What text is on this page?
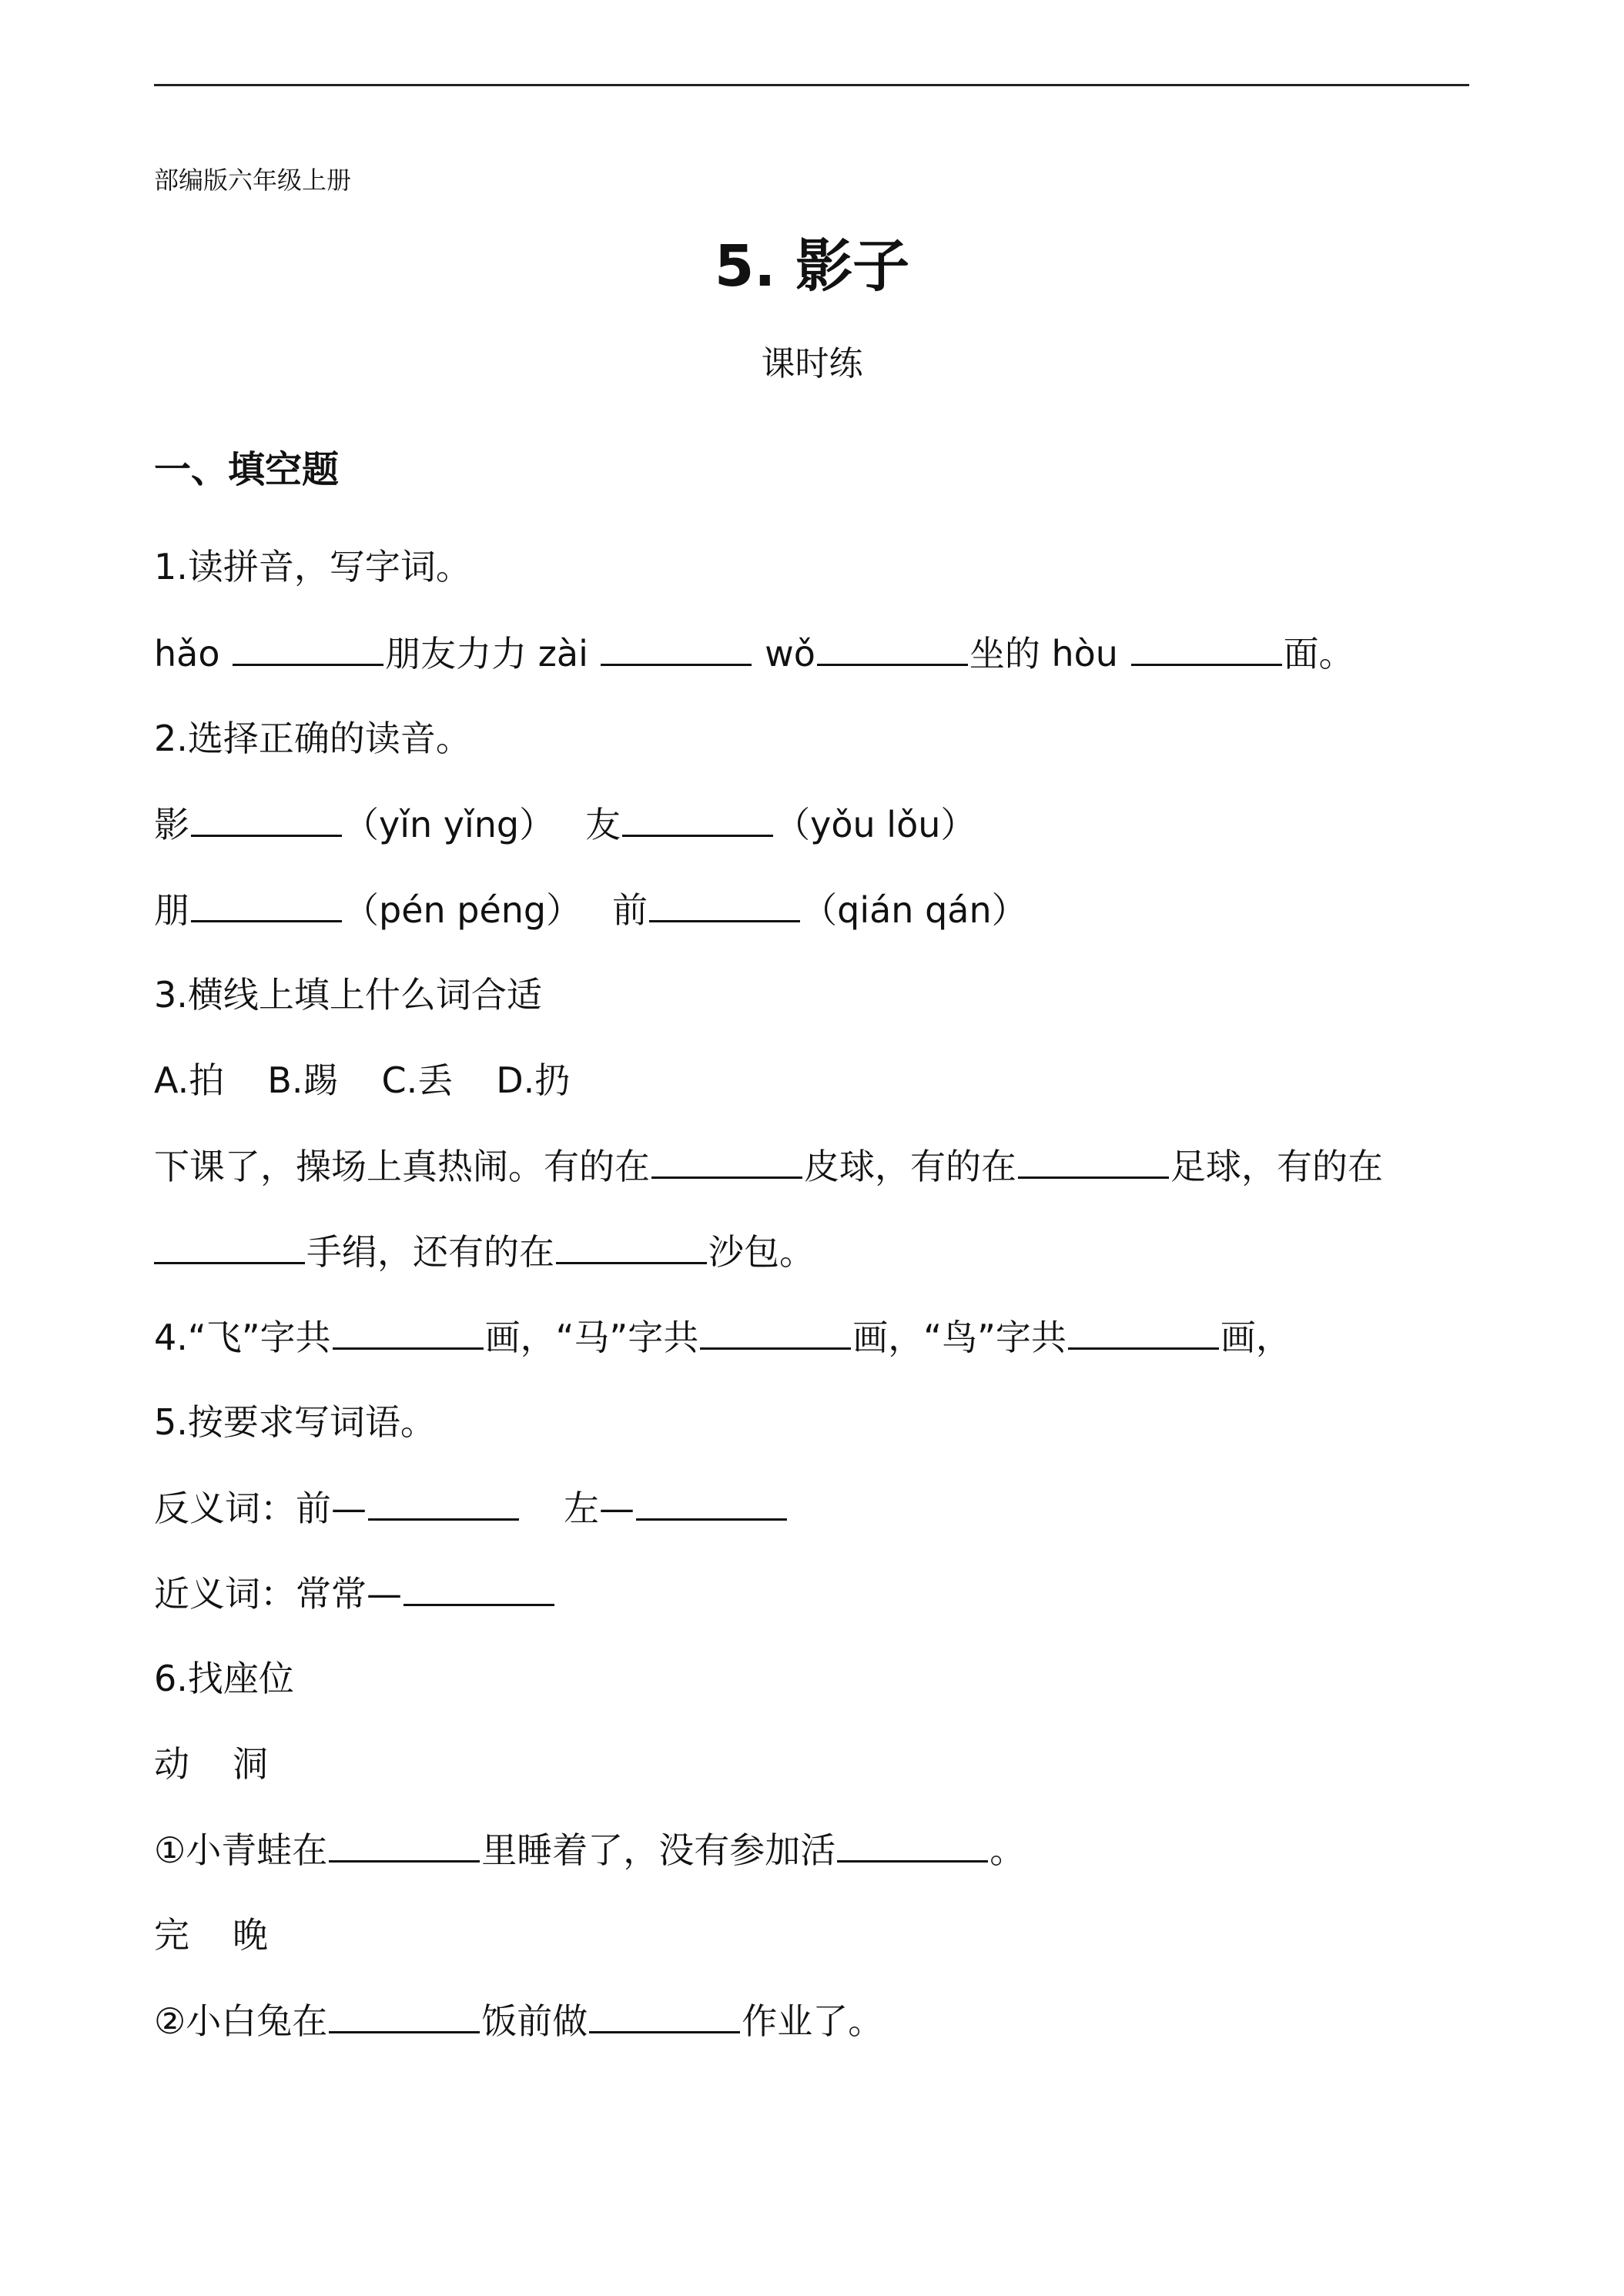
部编版六年级上册
5. 影子
课时练
一、填空题
1.读拼音，写字词。
hǎo	朋友力力 zài	wǒ	坐的 hòu	面。
2.选择正确的读音。
影	（yǐn yǐng） 友	（yǒu lǒu）
朋	（pén péng） 前	（qián qán）
3.横线上填上什么词合适
A.拍 B.踢 C.丢 D.扔
下课了，操场上真热闹。有的在	皮球，有的在	足球，有的在
手绢，还有的在	沙包。
4.“飞”字共	画，“马”字共	画，“鸟”字共	画，
5.按要求写词语。
反义词：前—	左—
近义词：常常—
6.找座位
动 洞
①小青蛙在	里睡着了，没有参加活	。
完 晚
②小白兔在	饭前做	作业了。
